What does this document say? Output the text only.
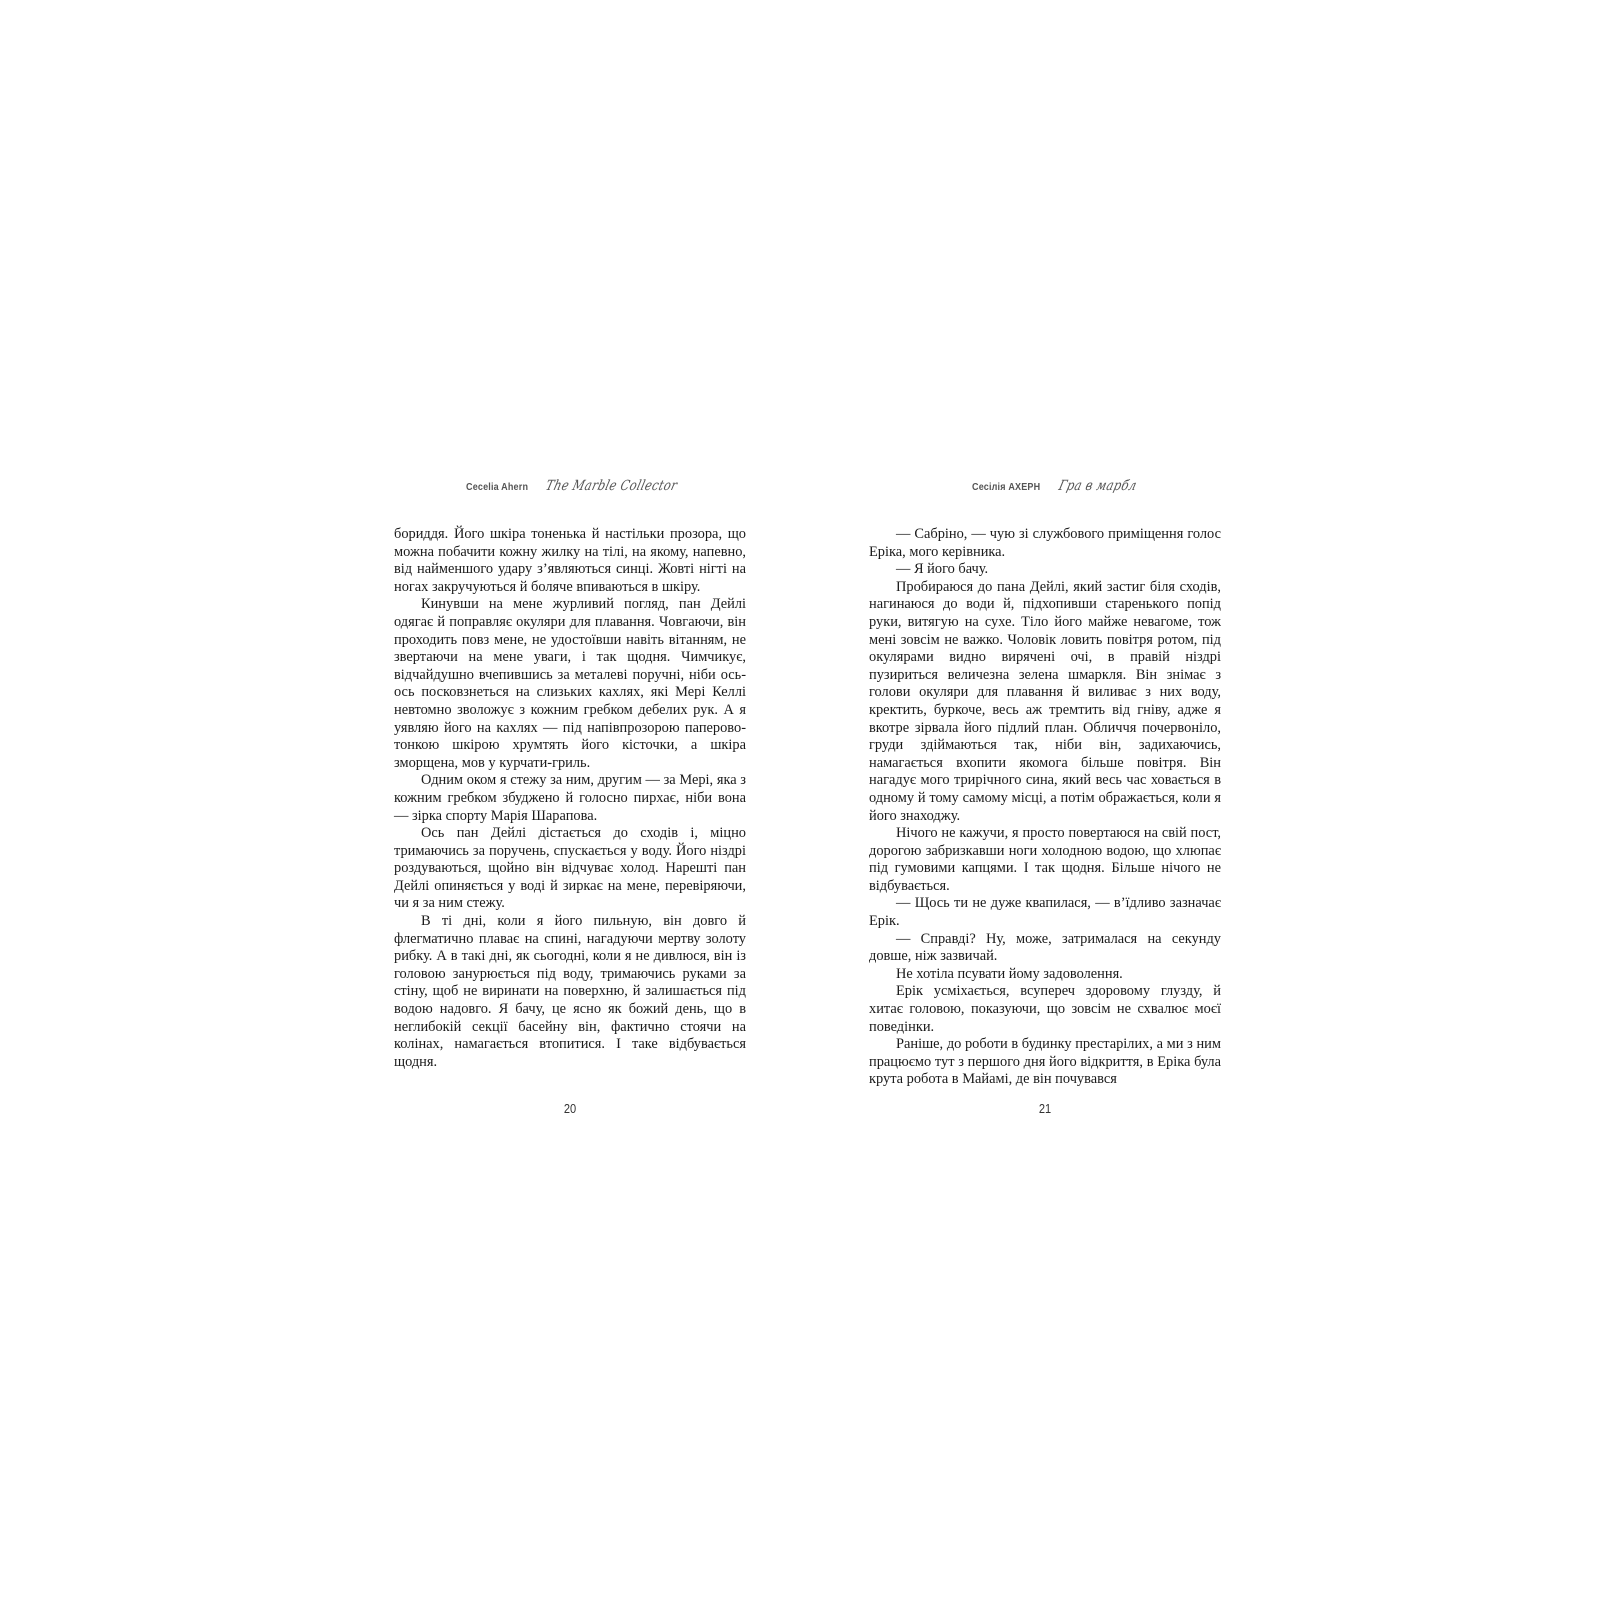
Cecelia Ahern The Marble Collector

бориддя. Його шкіра тоненька й настільки прозора, що можна побачити кожну жилку на тілі, на якому, напевно, від найменшого удару з’являються синці. Жовті нігті на ногах закручуються й боляче впиваються в шкіру.

Кинувши на мене журливий погляд, пан Дейлі одягає й поправляє окуляри для плавання. Човгаючи, він проходить повз мене, не удостоївши навіть вітанням, не звертаючи на мене уваги, і так щодня. Чимчикує, відчайдушно вчепившись за металеві поручні, ніби ось-ось посковзнеться на слизьких кахлях, які Мері Келлі невтомно зволожує з кожним гребком дебелих рук. А я уявляю його на кахлях — під напівпрозорою паперово-тонкою шкірою хрумтять його кісточки, а шкіра зморщена, мов у курчати-гриль.

Одним оком я стежу за ним, другим — за Мері, яка з кожним гребком збуджено й голосно пирхає, ніби вона — зірка спорту Марія Шарапова.

Ось пан Дейлі дістається до сходів і, міцно тримаючись за поручень, спускається у воду. Його ніздрі роздуваються, щойно він відчуває холод. Нарешті пан Дейлі опиняється у воді й зиркає на мене, перевіряючи, чи я за ним стежу.

В ті дні, коли я його пильную, він довго й флегматично плаває на спині, нагадуючи мертву золоту рибку. А в такі дні, як сьогодні, коли я не дивлюся, він із головою занурюється під воду, тримаючись руками за стіну, щоб не виринати на поверхню, й залишається під водою надовго. Я бачу, це ясно як божий день, що в неглибокій секції басейну він, фактично стоячи на колінах, намагається втопитися. І таке відбувається щодня.

20
Сесілія АХЕРН Гра в марбл

— Сабріно, — чую зі службового приміщення голос Еріка, мого керівника.

— Я його бачу.

Пробираюся до пана Дейлі, який застиг біля сходів, нагинаюся до води й, підхопивши старенького попід руки, витягую на сухе. Тіло його майже невагоме, тож мені зовсім не важко. Чоловік ловить повітря ротом, під окулярами видно вирячені очі, в правій ніздрі пузириться величезна зелена шмаркля. Він знімає з голови окуляри для плавання й виливає з них воду, кректить, буркоче, весь аж тремтить від гніву, адже я вкотре зірвала його підлий план. Обличчя почервоніло, груди здіймаються так, ніби він, задихаючись, намагається вхопити якомога більше повітря. Він нагадує мого трирічного сина, який весь час ховається в одному й тому самому місці, а потім ображається, коли я його знаходжу.

Нічого не кажучи, я просто повертаюся на свій пост, дорогою забризкавши ноги холодною водою, що хлюпає під гумовими капцями. І так щодня. Більше нічого не відбувається.

— Щось ти не дуже квапилася, — в’їдливо зазначає Ерік.

— Справді? Ну, може, затрималася на секунду довше, ніж зазвичай.

Не хотіла псувати йому задоволення.

Ерік усміхається, всупереч здоровому глузду, й хитає головою, показуючи, що зовсім не схвалює моєї поведінки.

Раніше, до роботи в будинку престарілих, а ми з ним працюємо тут з першого дня його відкриття, в Еріка була крута робота в Майамі, де він почувався

21
